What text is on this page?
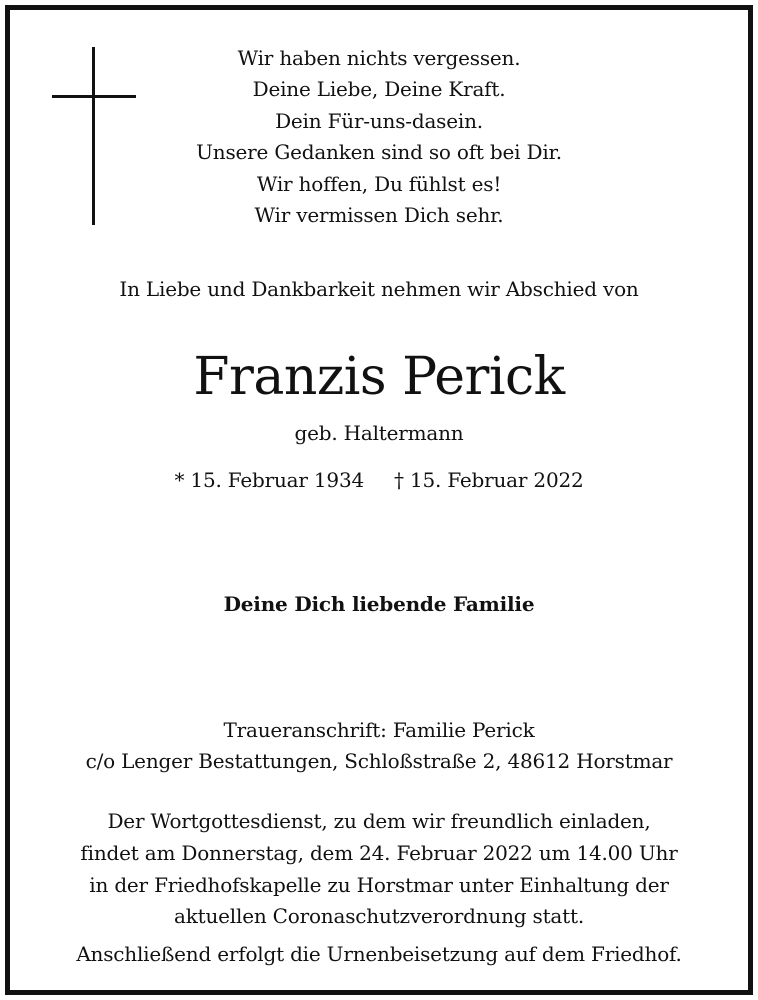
Wir haben nichts vergessen.
Deine Liebe, Deine Kraft.
Dein Für-uns-dasein.
Unsere Gedanken sind so oft bei Dir.
Wir hoffen, Du fühlst es!
Wir vermissen Dich sehr.
In Liebe und Dankbarkeit nehmen wir Abschied von
Franzis Perick
geb. Haltermann
* 15. Februar 1934 † 15. Februar 2022
Deine Dich liebende Familie
Traueranschrift: Familie Perick
c/o Lenger Bestattungen, Schloßstraße 2, 48612 Horstmar
Der Wortgottesdienst, zu dem wir freundlich einladen,
findet am Donnerstag, dem 24. Februar 2022 um 14.00 Uhr
in der Friedhofskapelle zu Horstmar unter Einhaltung der
aktuellen Coronaschutzverordnung statt.
Anschließend erfolgt die Urnenbeisetzung auf dem Friedhof.
